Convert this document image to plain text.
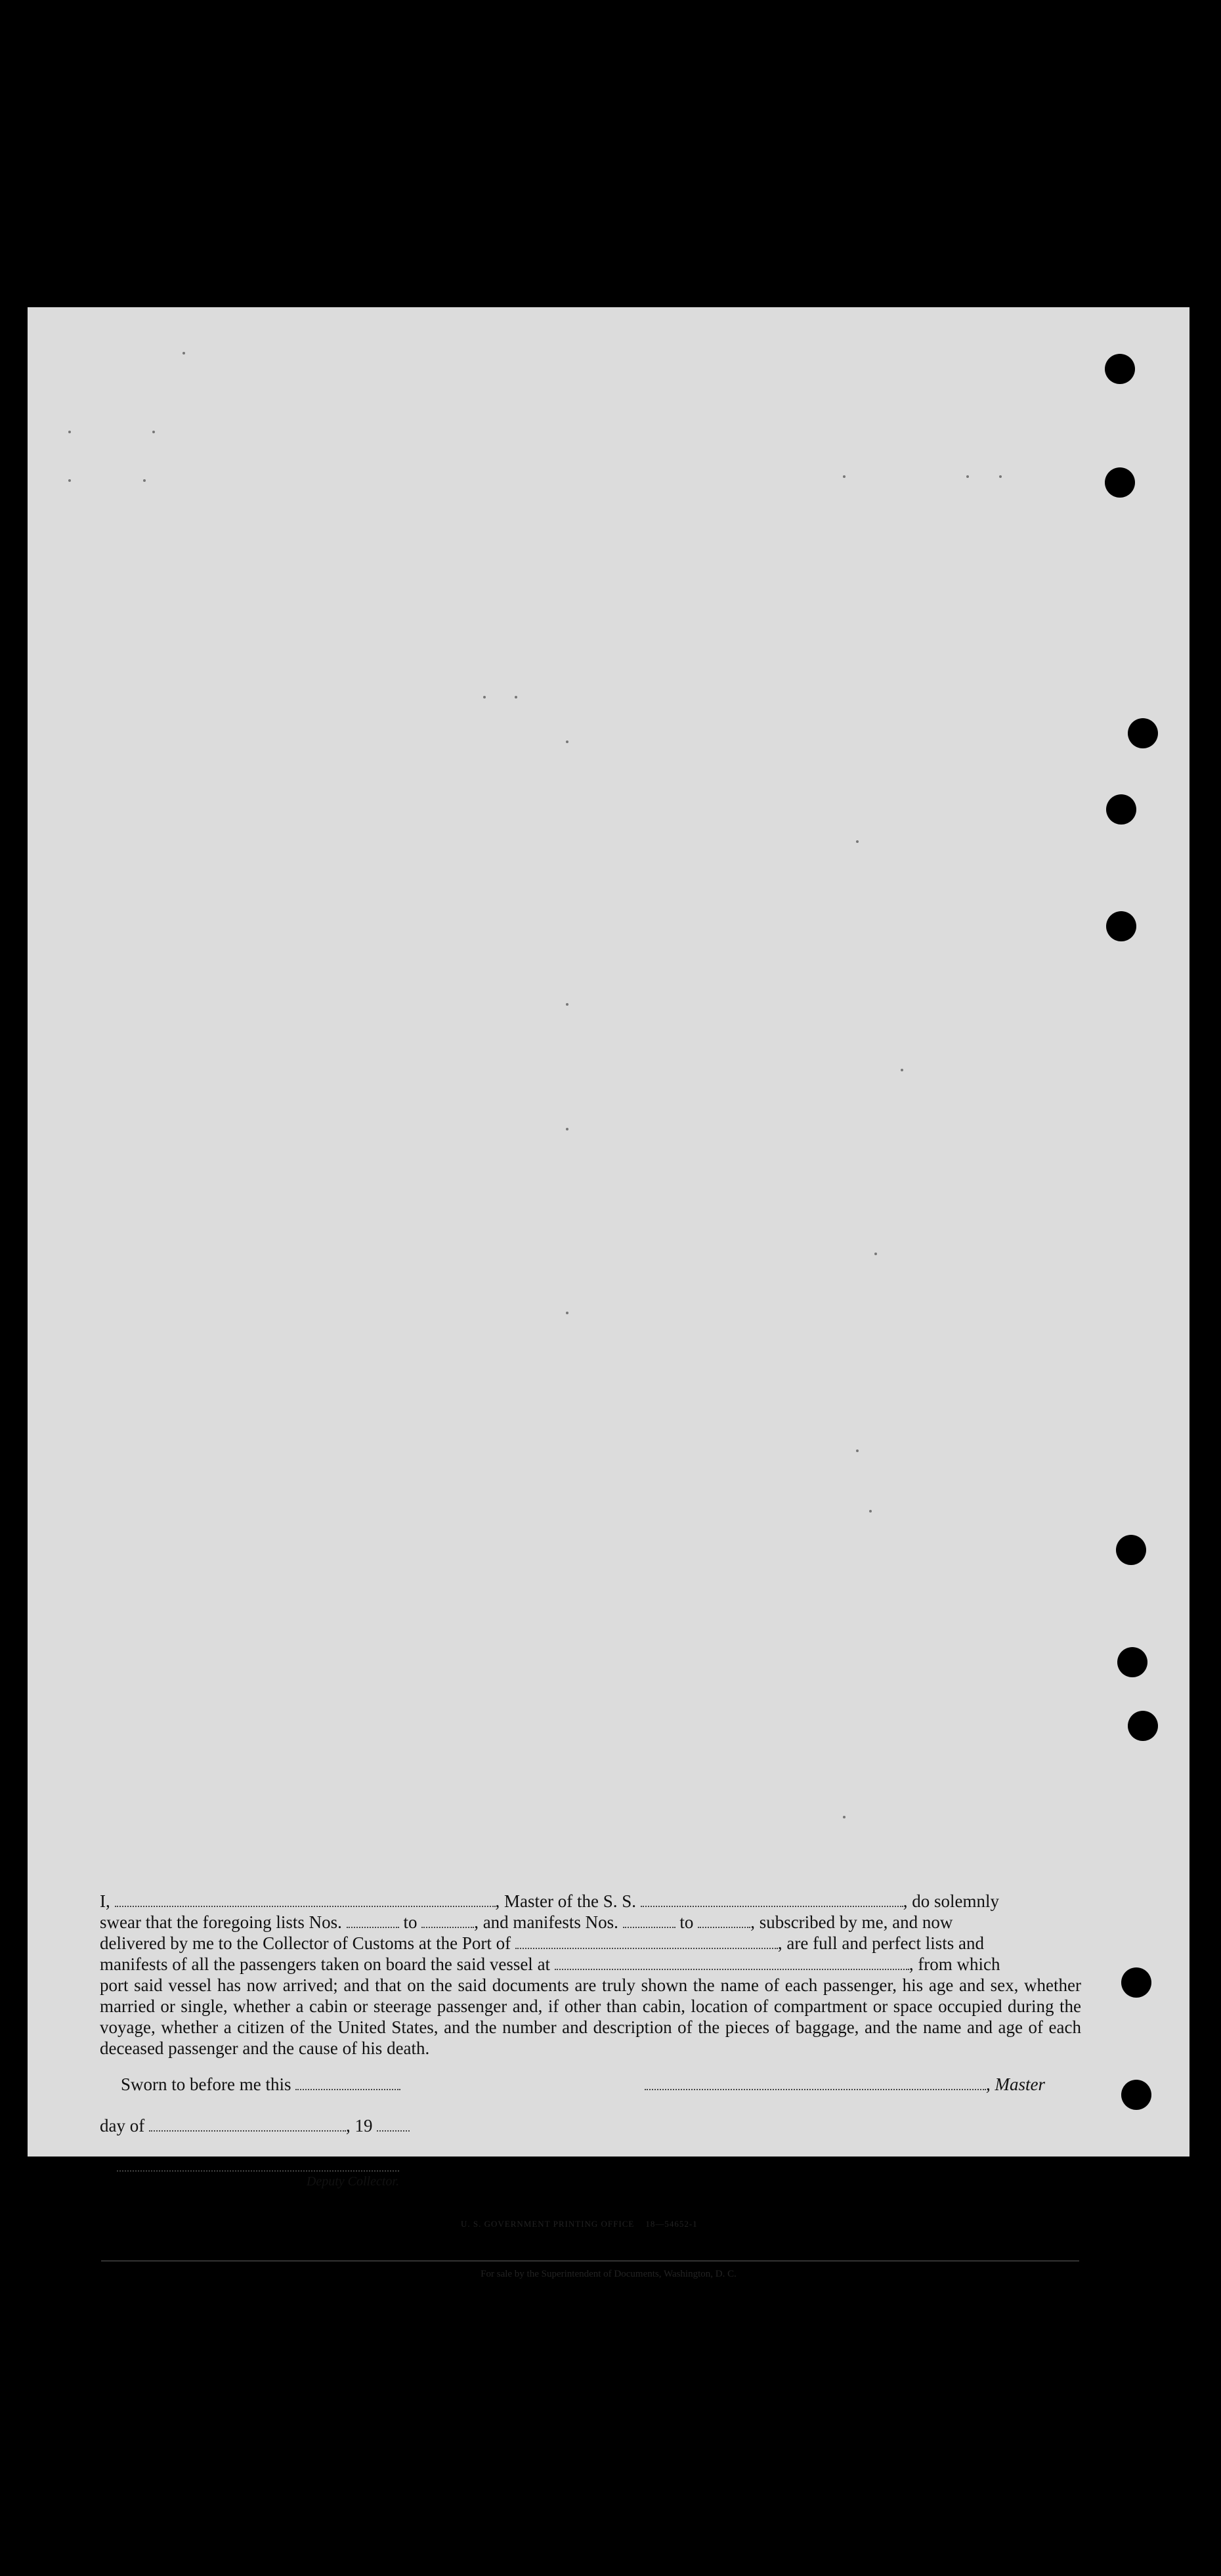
I,	, Master of the S. S.	, do solemnly

swear that the foregoing lists Nos.	to	, and manifests Nos.	to	, subscribed by me, and now

delivered by me to the Collector of Customs at the Port of	, are full and perfect lists and

manifests of all the passengers taken on board the said vessel at	, from which

port said vessel has now arrived; and that on the said documents are truly shown the name of each passenger, his age and sex, whether married or single, whether a cabin or steerage passenger and, if other than cabin, location of compartment or space occupied during the voyage, whether a citizen of the United States, and the number and description of the pieces of baggage, and the name and age of each deceased passenger and the cause of his death.

Sworn to before me this	, Master
day of	, 19
Deputy Collector.
U. S. GOVERNMENT PRINTING OFFICE 18—54652-1
For sale by the Superintendent of Documents, Washington, D. C.
